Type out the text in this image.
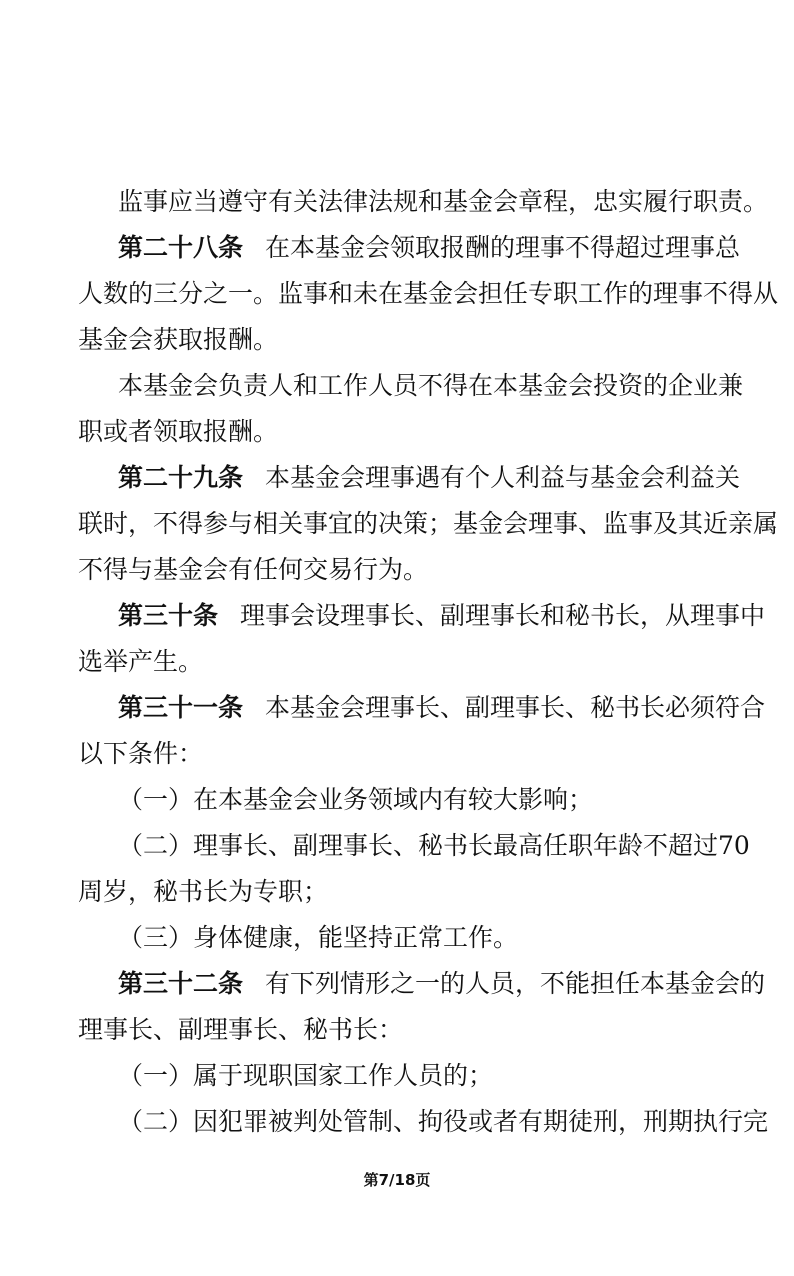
监事应当遵守有关法律法规和基金会章程，忠实履行职责。
第二十八条 在本基金会领取报酬的理事不得超过理事总
人数的三分之一。监事和未在基金会担任专职工作的理事不得从
基金会获取报酬。
本基金会负责人和工作人员不得在本基金会投资的企业兼
职或者领取报酬。
第二十九条 本基金会理事遇有个人利益与基金会利益关
联时，不得参与相关事宜的决策；基金会理事、监事及其近亲属
不得与基金会有任何交易行为。
第三十条 理事会设理事长、副理事长和秘书长，从理事中
选举产生。
第三十一条 本基金会理事长、副理事长、秘书长必须符合
以下条件：
（一）在本基金会业务领域内有较大影响；
（二）理事长、副理事长、秘书长最高任职年龄不超过70
周岁，秘书长为专职；
（三）身体健康，能坚持正常工作。
第三十二条 有下列情形之一的人员，不能担任本基金会的
理事长、副理事长、秘书长：
（一）属于现职国家工作人员的；
（二）因犯罪被判处管制、拘役或者有期徒刑，刑期执行完
第7/18页
